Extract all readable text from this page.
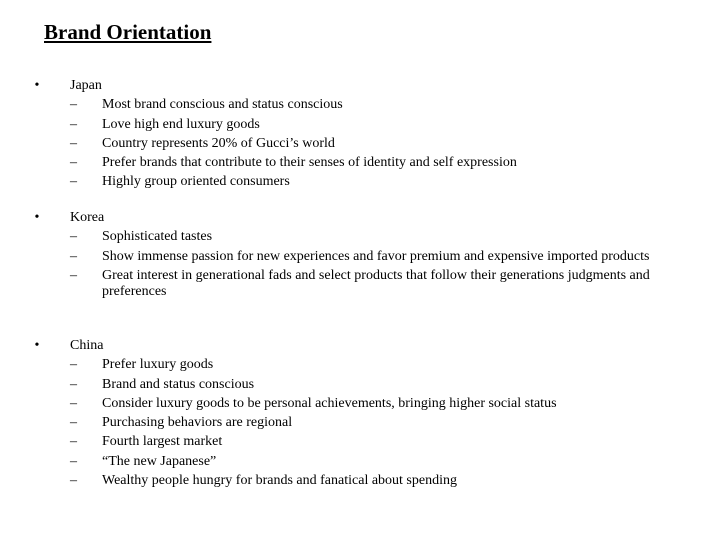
Brand Orientation
•	Japan
–	Most brand conscious and status conscious
–	Love high end luxury goods
–	Country represents 20% of Gucci’s world
–	Prefer brands that contribute to their senses of identity and self expression
–	Highly group oriented consumers
•	Korea
–	Sophisticated tastes
–	Show immense passion for new experiences and favor premium and expensive imported products
–	Great interest in generational fads and select products that follow their generations judgments and preferences
•	China
–	Prefer luxury goods
–	Brand and status conscious
–	Consider luxury goods to be personal achievements, bringing higher social status
–	Purchasing behaviors are regional
–	Fourth largest market
–	“The new Japanese”
–	Wealthy people hungry for brands and fanatical about spending
